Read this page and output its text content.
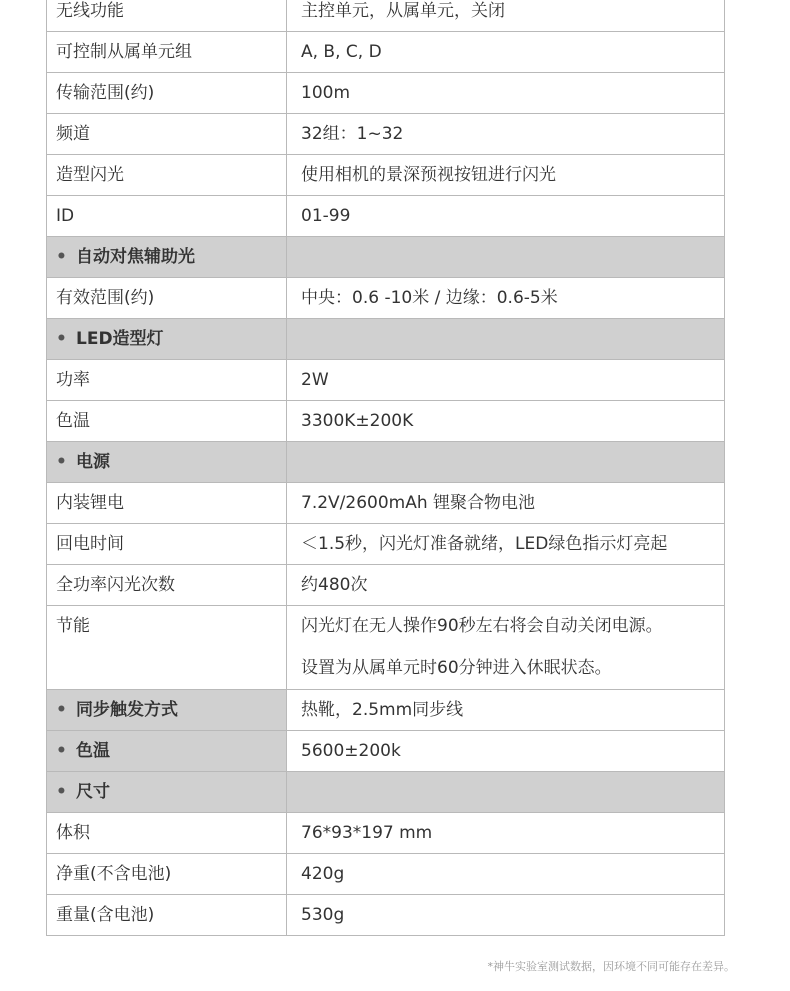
无线功能	主控单元，从属单元，关闭
可控制从属单元组	A, B, C, D
传输范围(约)	100m
频道	32组：1~32
造型闪光	使用相机的景深预视按钮进行闪光
ID	01-99
• 自动对焦辅助光	
有效范围(约)	中央：0.6 -10米 / 边缘：0.6-5米
• LED造型灯	
功率	2W
色温	3300K±200K
• 电源	
内装锂电	7.2V/2600mAh 锂聚合物电池
回电时间	＜1.5秒，闪光灯准备就绪，LED绿色指示灯亮起
全功率闪光次数	约480次
节能	闪光灯在无人操作90秒左右将会自动关闭电源。
设置为从属单元时60分钟进入休眠状态。

• 同步触发方式	热靴，2.5mm同步线
• 色温	5600±200k
• 尺寸	
体积	76*93*197 mm
净重(不含电池)	420g
重量(含电池)	530g
*神牛实验室测试数据，因环境不同可能存在差异。
